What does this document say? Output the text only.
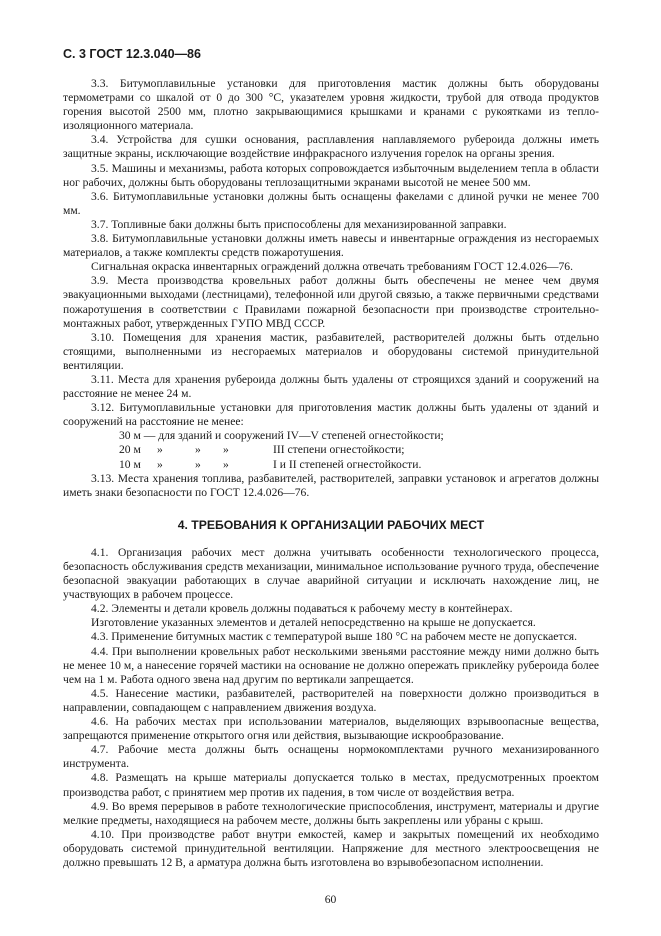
С. 3 ГОСТ 12.3.040—86

3.3. Битумоплавильные установки для приготовления мастик должны быть оборудованы термометрами со шкалой от 0 до 300 °С, указателем уровня жидкости, трубой для отвода продуктов горения высотой 2500 мм, плотно закрывающимися крышками и кранами с рукоятками из теплоизоляционного материала.

3.4. Устройства для сушки основания, расплавления наплавляемого рубероида должны иметь защитные экраны, исключающие воздействие инфракрасного излучения горелок на органы зрения.

3.5. Машины и механизмы, работа которых сопровождается избыточным выделением тепла в области ног рабочих, должны быть оборудованы теплозащитными экранами высотой не менее 500 мм.

3.6. Битумоплавильные установки должны быть оснащены факелами с длиной ручки не менее 700 мм.

3.7. Топливные баки должны быть приспособлены для механизированной заправки.

3.8. Битумоплавильные установки должны иметь навесы и инвентарные ограждения из несгораемых материалов, а также комплекты средств пожаротушения.

Сигнальная окраска инвентарных ограждений должна отвечать требованиям ГОСТ 12.4.026—76.

3.9. Места производства кровельных работ должны быть обеспечены не менее чем двумя эвакуационными выходами (лестницами), телефонной или другой связью, а также первичными средствами пожаротушения в соответствии с Правилами пожарной безопасности при производстве строительно-монтажных работ, утвержденных ГУПО МВД СССР.

3.10. Помещения для хранения мастик, разбавителей, растворителей должны быть отдельно стоящими, выполненными из несгораемых материалов и оборудованы системой принудительной вентиляции.

3.11. Места для хранения рубероида должны быть удалены от строящихся зданий и сооружений на расстояние не менее 24 м.

3.12. Битумоплавильные установки для приготовления мастик должны быть удалены от зданий и сооружений на расстояние не менее:

30 м — для зданий и сооружений IV—V степеней огнестойкости;
20 м »	» »	III степени огнестойкости;
10 м »	» »	I и II степеней огнестойкости.

3.13. Места хранения топлива, разбавителей, растворителей, заправки установок и агрегатов должны иметь знаки безопасности по ГОСТ 12.4.026—76.

4. ТРЕБОВАНИЯ К ОРГАНИЗАЦИИ РАБОЧИХ МЕСТ

4.1. Организация рабочих мест должна учитывать особенности технологического процесса, безопасность обслуживания средств механизации, минимальное использование ручного труда, обеспечение безопасной эвакуации работающих в случае аварийной ситуации и исключать нахождение лиц, не участвующих в рабочем процессе.

4.2. Элементы и детали кровель должны подаваться к рабочему месту в контейнерах.

Изготовление указанных элементов и деталей непосредственно на крыше не допускается.

4.3. Применение битумных мастик с температурой выше 180 °С на рабочем месте не допускается.

4.4. При выполнении кровельных работ несколькими звеньями расстояние между ними должно быть не менее 10 м, а нанесение горячей мастики на основание не должно опережать приклейку рубероида более чем на 1 м. Работа одного звена над другим по вертикали запрещается.

4.5. Нанесение мастики, разбавителей, растворителей на поверхности должно производиться в направлении, совпадающем с направлением движения воздуха.

4.6. На рабочих местах при использовании материалов, выделяющих взрывоопасные вещества, запрещаются применение открытого огня или действия, вызывающие искрообразование.

4.7. Рабочие места должны быть оснащены нормокомплектами ручного механизированного инструмента.

4.8. Размещать на крыше материалы допускается только в местах, предусмотренных проектом производства работ, с принятием мер против их падения, в том числе от воздействия ветра.

4.9. Во время перерывов в работе технологические приспособления, инструмент, материалы и другие мелкие предметы, находящиеся на рабочем месте, должны быть закреплены или убраны с крыш.

4.10. При производстве работ внутри емкостей, камер и закрытых помещений их необходимо оборудовать системой принудительной вентиляции. Напряжение для местного электроосвещения не должно превышать 12 В, а арматура должна быть изготовлена во взрывобезопасном исполнении.

60
